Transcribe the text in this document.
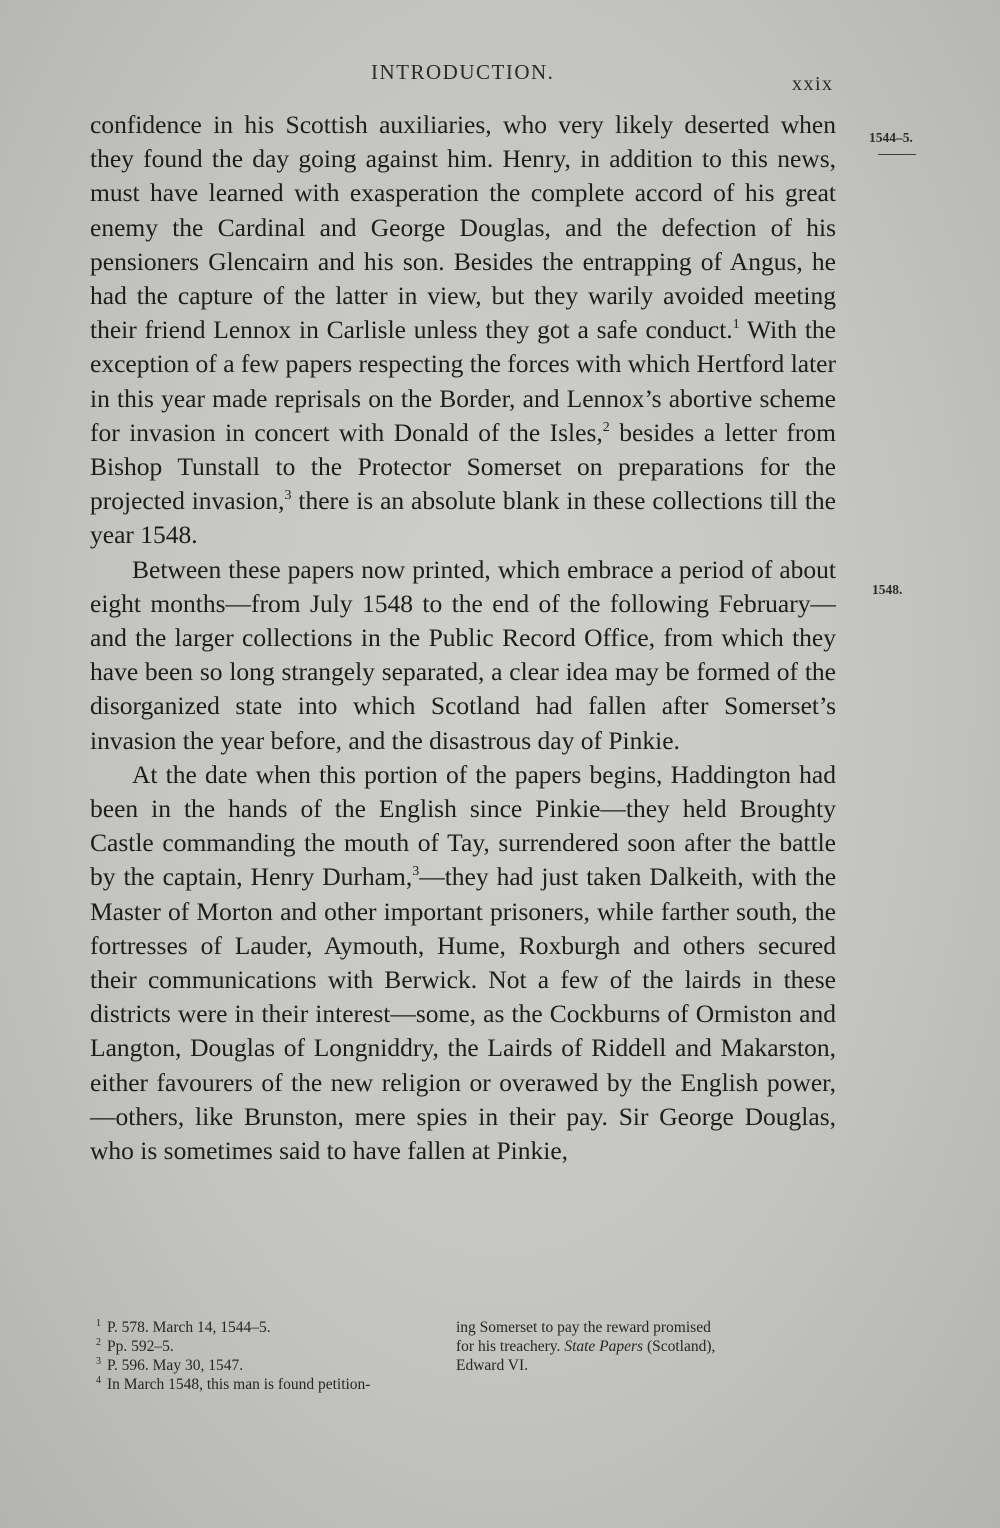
INTRODUCTION.	xxix
1544–5.
1548.

confidence in his Scottish auxiliaries, who very likely deserted when they found the day going against him. Henry, in addition to this news, must have learned with exasperation the complete accord of his great enemy the Cardinal and George Douglas, and the defection of his pensioners Glencairn and his son. Besides the entrapping of Angus, he had the capture of the latter in view, but they warily avoided meeting their friend Lennox in Carlisle unless they got a safe conduct.$^1$ With the exception of a few papers respecting the forces with which Hertford later in this year made reprisals on the Border, and Lennox’s abortive scheme for invasion in concert with Donald of the Isles,$^2$ besides a letter from Bishop Tunstall to the Protector Somerset on preparations for the projected invasion,$^3$ there is an absolute blank in these collections till the year 1548.

Between these papers now printed, which embrace a period of about eight months—from July 1548 to the end of the following February—and the larger collections in the Public Record Office, from which they have been so long strangely separated, a clear idea may be formed of the disorganized state into which Scotland had fallen after Somerset’s invasion the year before, and the disastrous day of Pinkie.

At the date when this portion of the papers begins, Haddington had been in the hands of the English since Pinkie—they held Broughty Castle commanding the mouth of Tay, surrendered soon after the battle by the captain, Henry Durham,$^3$—they had just taken Dalkeith, with the Master of Morton and other important prisoners, while farther south, the fortresses of Lauder, Aymouth, Hume, Roxburgh and others secured their communications with Berwick. Not a few of the lairds in these districts were in their interest—some, as the Cockburns of Ormiston and Langton, Douglas of Longniddry, the Lairds of Riddell and Makarston, either favourers of the new religion or overawed by the English power,—others, like Brunston, mere spies in their pay. Sir George Douglas, who is sometimes said to have fallen at Pinkie,

$^1$ P. 578. March 14, 1544–5.
$^2$ Pp. 592–5.
$^3$ P. 596. May 30, 1547.
$^4$ In March 1548, this man is found petition-
ing Somerset to pay the reward promised
for his treachery. State Papers (Scotland),
Edward VI.
